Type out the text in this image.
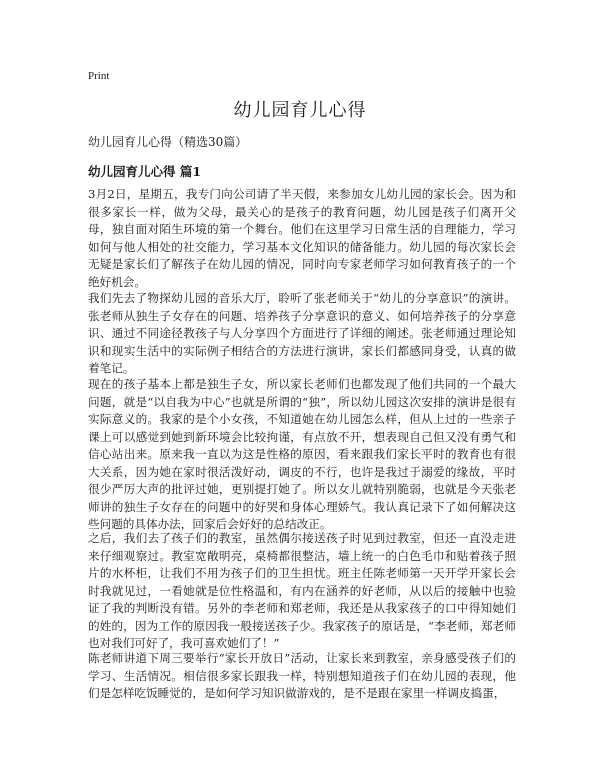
Print
幼儿园育儿心得

幼儿园育儿心得（精选30篇）

幼儿园育儿心得 篇1

3月2日，星期五，我专门向公司请了半天假，来参加女儿幼儿园的家长会。因为和很多家长一样，做为父母，最关心的是孩子的教育问题，幼儿园是孩子们离开父母，独自面对陌生环境的第一个舞台。他们在这里学习日常生活的自理能力，学习如何与他人相处的社交能力，学习基本文化知识的储备能力。幼儿园的每次家长会无疑是家长们了解孩子在幼儿园的情况，同时向专家老师学习如何教育孩子的一个绝好机会。

我们先去了物探幼儿园的音乐大厅，聆听了张老师关于“幼儿的分享意识”的演讲。张老师从独生子女存在的问题、培养孩子分享意识的意义、如何培养孩子的分享意识、通过不同途径教孩子与人分享四个方面进行了详细的阐述。张老师通过理论知识和现实生活中的实际例子相结合的方法进行演讲，家长们都感同身受，认真的做着笔记。

现在的孩子基本上都是独生子女，所以家长老师们也都发现了他们共同的一个最大问题，就是“以自我为中心”也就是所谓的“独”，所以幼儿园这次安排的演讲是很有实际意义的。我家的是个小女孩，不知道她在幼儿园怎么样，但从上过的一些亲子课上可以感觉到她到新环境会比较拘谨，有点放不开，想表现自己但又没有勇气和信心站出来。原来我一直以为这是性格的原因，看来跟我们家长平时的教育也有很大关系，因为她在家时很活泼好动，调皮的不行，也许是我过于溺爱的缘故，平时很少严厉大声的批评过她，更别提打她了。所以女儿就特别脆弱，也就是今天张老师讲的独生子女存在的问题中的好哭和身体心理娇气。我认真记录下了如何解决这些问题的具体办法，回家后会好好的总结改正。

之后，我们去了孩子们的教室，虽然偶尔接送孩子时见到过教室，但还一直没走进来仔细观察过。教室宽敞明亮，桌椅都很整洁，墙上统一的白色毛巾和贴着孩子照片的水杯柜，让我们不用为孩子们的卫生担忧。班主任陈老师第一天开学开家长会时我就见过，一看她就是位性格温和，有内在涵养的好老师，从以后的接触中也验证了我的判断没有错。另外的李老师和郑老师，我还是从我家孩子的口中得知她们的姓的，因为工作的原因我一般接送孩子少。我家孩子的原话是，“李老师，郑老师也对我们可好了，我可喜欢她们了！”

陈老师讲道下周三要举行“家长开放日”活动，让家长来到教室，亲身感受孩子们的学习、生活情况。相信很多家长跟我一样，特别想知道孩子们在幼儿园的表现，他们是怎样吃饭睡觉的，是如何学习知识做游戏的，是不是跟在家里一样调皮捣蛋，
